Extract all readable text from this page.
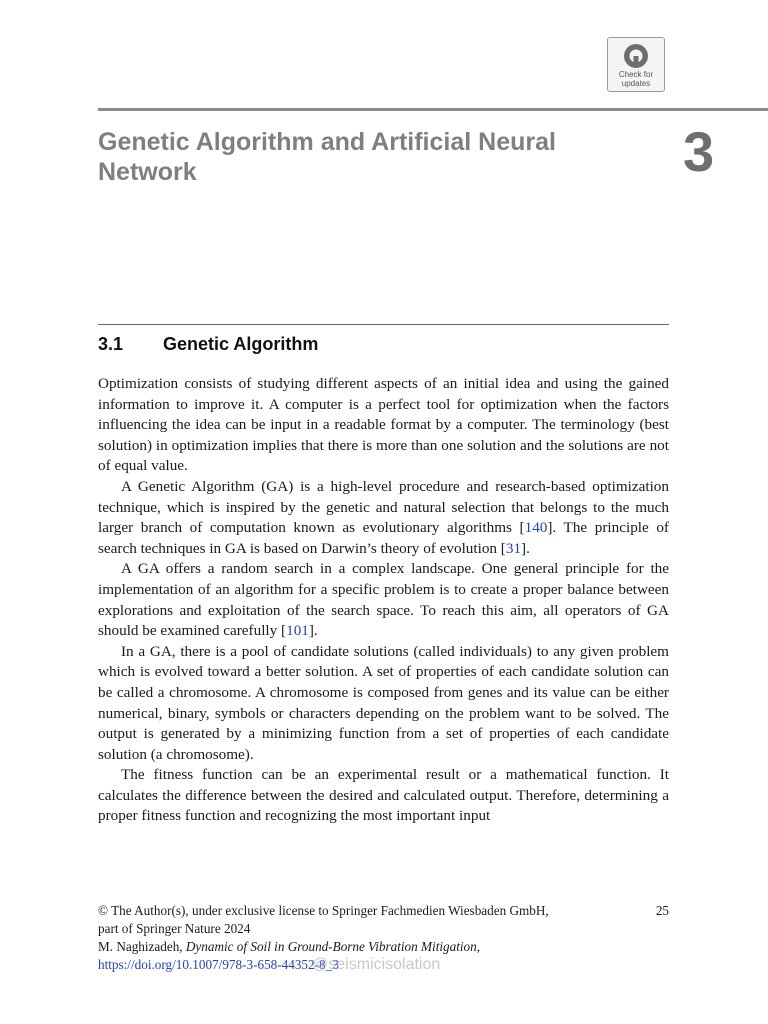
Check for
updates
Genetic Algorithm and Artificial Neural Network	3
3.1 Genetic Algorithm

Optimization consists of studying different aspects of an initial idea and using the gained information to improve it. A computer is a perfect tool for optimization when the factors influencing the idea can be input in a readable format by a computer. The terminology (best solution) in optimization implies that there is more than one solution and the solutions are not of equal value.

A Genetic Algorithm (GA) is a high-level procedure and research-based optimization technique, which is inspired by the genetic and natural selection that belongs to the much larger branch of computation known as evolutionary algorithms [140]. The principle of search techniques in GA is based on Darwin’s theory of evolution [31].

A GA offers a random search in a complex landscape. One general principle for the implementation of an algorithm for a specific problem is to create a proper balance between explorations and exploitation of the search space. To reach this aim, all operators of GA should be examined carefully [101].

In a GA, there is a pool of candidate solutions (called individuals) to any given problem which is evolved toward a better solution. A set of properties of each candidate solution can be called a chromosome. A chromosome is composed from genes and its value can be either numerical, binary, symbols or characters depending on the problem want to be solved. The output is generated by a minimizing function from a set of properties of each candidate solution (a chromosome).

The fitness function can be an experimental result or a mathematical function. It calculates the difference between the desired and calculated output. Therefore, determining a proper fitness function and recognizing the most important input

© The Author(s), under exclusive license to Springer Fachmedien Wiesbaden GmbH,
part of Springer Nature 2024
25
M. Naghizadeh, Dynamic of Soil in Ground-Borne Vibration Mitigation,
https://doi.org/10.1007/978-3-658-44352-8_3
@seismicisolation
